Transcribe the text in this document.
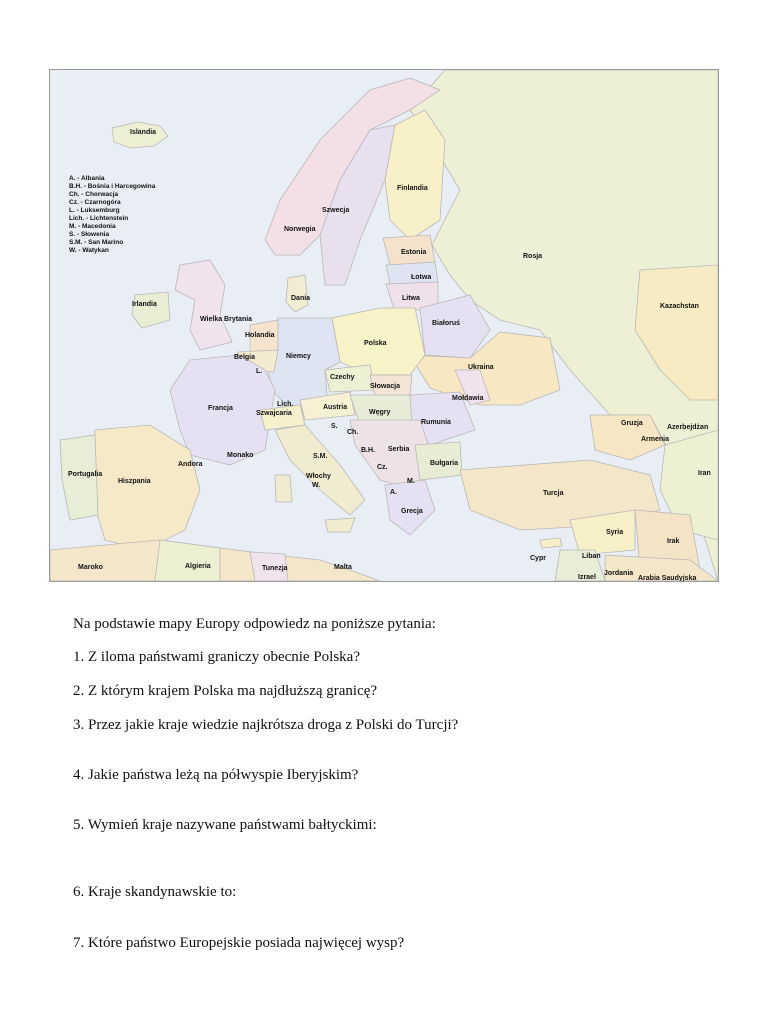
A. - Albania
B.H. - Bośnia i Harcegowina
Ch. - Chorwacja
Cz. - Czarnogóra
L. - Luksemburg
Lich. - Lichtenstein
M. - Macedonia
S. - Słowenia
S.M. - San Marino
W. - Watykan
Islandia
Finlandia
Szwecja
Norwegia
Estonia
Rosja
Łotwa
Litwa
Irlandia
Dania
Kazachstan
Wielka Brytania
Holandia
Białoruś
Polska
Belgia	Niemcy
L.
Czechy
Ukraina
Słowacja
Mołdawia
Francja
Lich.
Szwajcaria
Austria
Węgry
S.
Rumunia	Gruzja
Azerbejdżan
Ch.
Armenia
B.H. Serbia
Andora
Monako	S.M.
Bułgaria
Iran
Cz.
Portugalia	Włochy
W.
M.
Hiszpania
A.	Turcja
Grecja
Syria
Irak
Cypr	Liban
Maroko	Algieria	Tunezja	Malta
Izrael
Jordania
Arabia Saudyjska

Na podstawie mapy Europy odpowiedz na poniższe pytania:

1. Z iloma państwami graniczy obecnie Polska?

2. Z którym krajem Polska ma najdłuższą granicę?

3. Przez jakie kraje wiedzie najkrótsza droga z Polski do Turcji?

4. Jakie państwa leżą na półwyspie Iberyjskim?

5. Wymień kraje nazywane państwami bałtyckimi:

6. Kraje skandynawskie to:

7. Które państwo Europejskie posiada najwięcej wysp?
